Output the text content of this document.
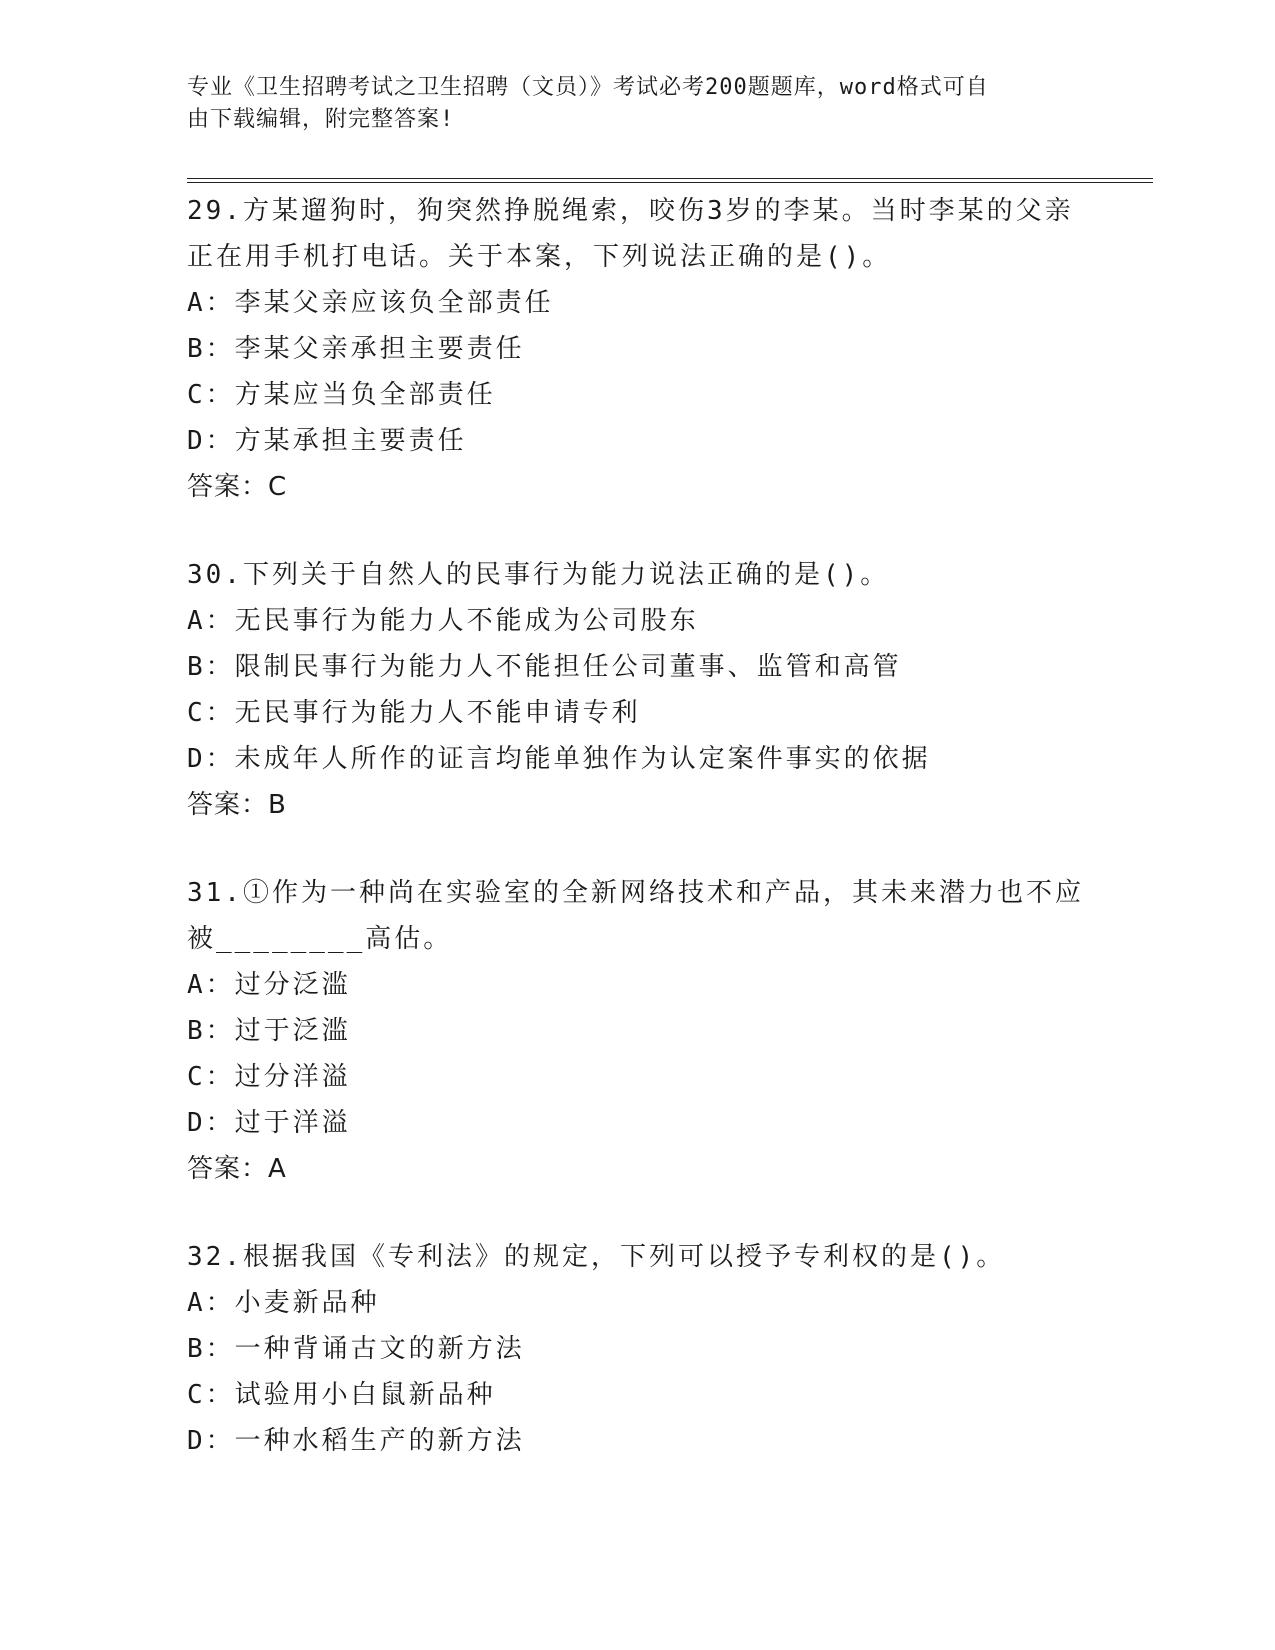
专业《卫生招聘考试之卫生招聘（文员）》考试必考200题题库，word格式可自
由下载编辑，附完整答案!

29.方某遛狗时，狗突然挣脱绳索，咬伤3岁的李某。当时李某的父亲

正在用手机打电话。关于本案，下列说法正确的是()。

A：李某父亲应该负全部责任

B：李某父亲承担主要责任

C：方某应当负全部责任

D：方某承担主要责任

答案：C

30.下列关于自然人的民事行为能力说法正确的是()。

A：无民事行为能力人不能成为公司股东

B：限制民事行为能力人不能担任公司董事、监管和高管

C：无民事行为能力人不能申请专利

D：未成年人所作的证言均能单独作为认定案件事实的依据

答案：B

31.①作为一种尚在实验室的全新网络技术和产品，其未来潜力也不应

被________高估。

A：过分泛滥

B：过于泛滥

C：过分洋溢

D：过于洋溢

答案：A

32.根据我国《专利法》的规定，下列可以授予专利权的是()。

A：小麦新品种

B：一种背诵古文的新方法

C：试验用小白鼠新品种

D：一种水稻生产的新方法
